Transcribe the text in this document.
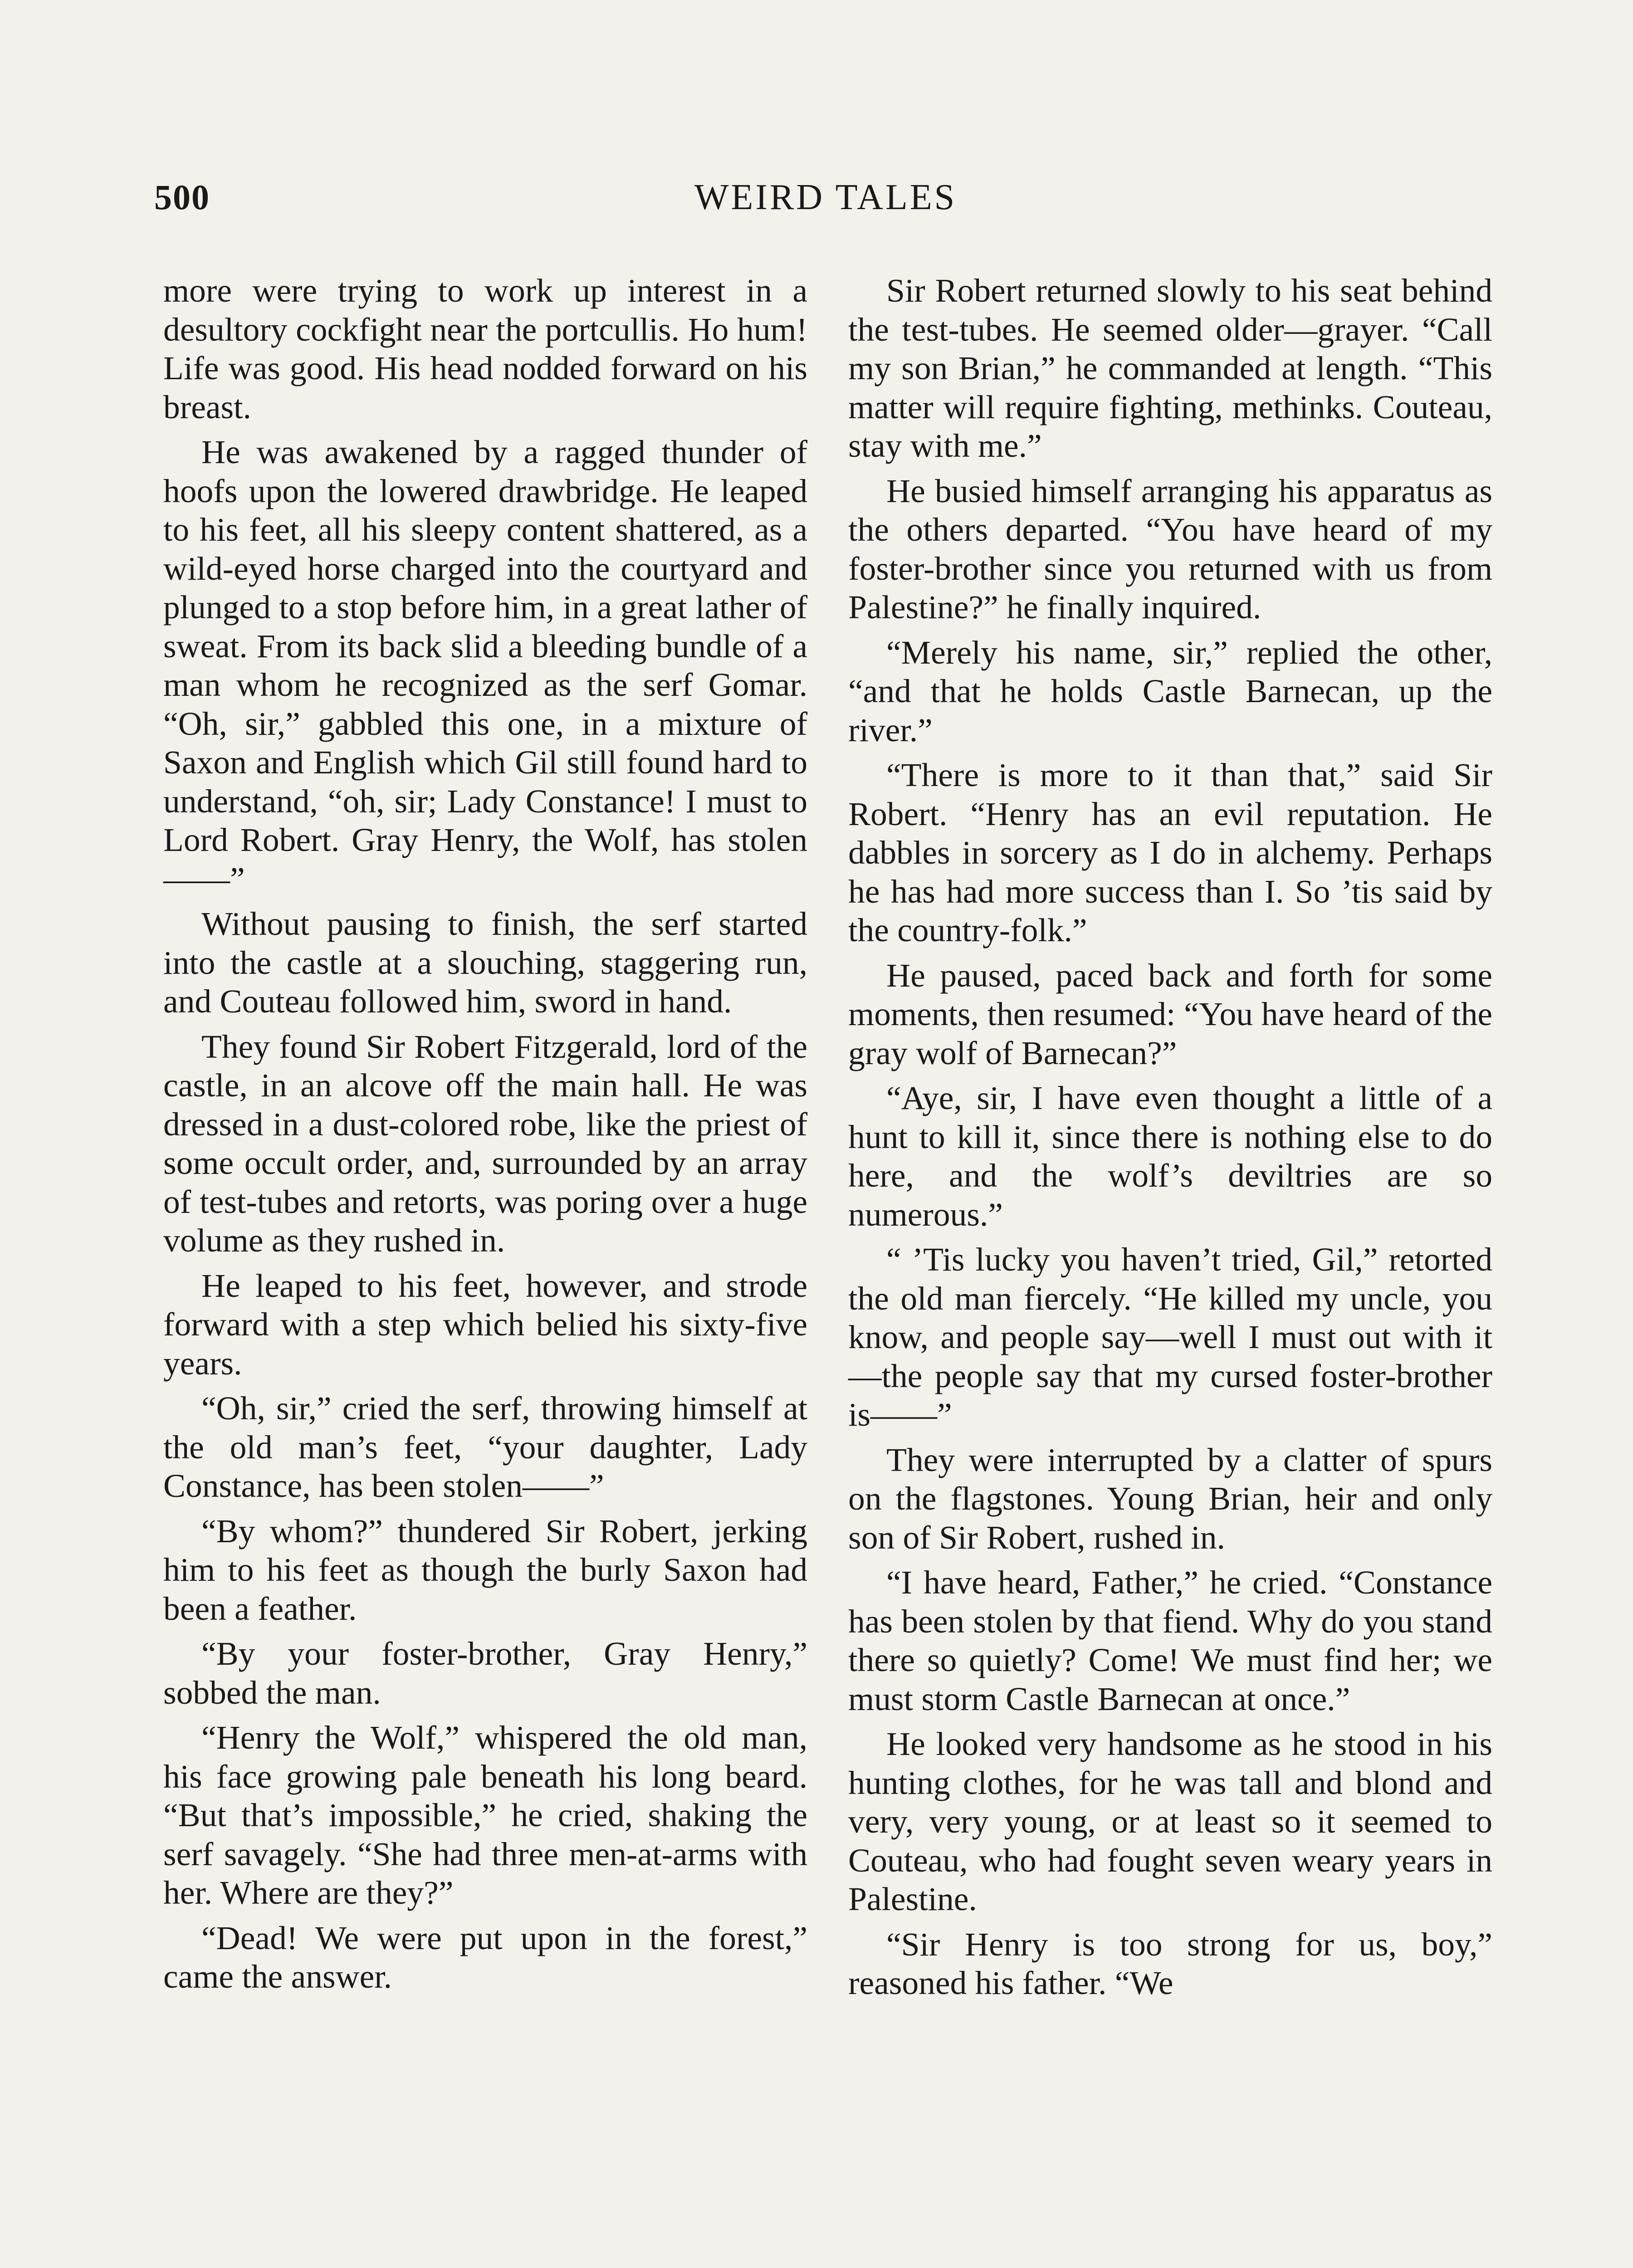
500	WEIRD TALES

more were trying to work up interest in a desultory cockfight near the portcullis. Ho hum! Life was good. His head nodded forward on his breast.

He was awakened by a ragged thunder of hoofs upon the lowered drawbridge. He leaped to his feet, all his sleepy content shattered, as a wild-eyed horse charged into the courtyard and plunged to a stop before him, in a great lather of sweat. From its back slid a bleeding bundle of a man whom he recognized as the serf Gomar. “Oh, sir,” gabbled this one, in a mixture of Saxon and English which Gil still found hard to understand, “oh, sir; Lady Constance! I must to Lord Robert. Gray Henry, the Wolf, has stolen——”

Without pausing to finish, the serf started into the castle at a slouching, staggering run, and Couteau followed him, sword in hand.

They found Sir Robert Fitzgerald, lord of the castle, in an alcove off the main hall. He was dressed in a dust-colored robe, like the priest of some occult order, and, surrounded by an array of test-tubes and retorts, was poring over a huge volume as they rushed in.

He leaped to his feet, however, and strode forward with a step which belied his sixty-five years.

“Oh, sir,” cried the serf, throwing himself at the old man’s feet, “your daughter, Lady Constance, has been stolen——”

“By whom?” thundered Sir Robert, jerking him to his feet as though the burly Saxon had been a feather.

“By your foster-brother, Gray Henry,” sobbed the man.

“Henry the Wolf,” whispered the old man, his face growing pale beneath his long beard. “But that’s impossible,” he cried, shaking the serf savagely. “She had three men-at-arms with her. Where are they?”

“Dead! We were put upon in the forest,” came the answer.

Sir Robert returned slowly to his seat behind the test-tubes. He seemed older—grayer. “Call my son Brian,” he commanded at length. “This matter will require fighting, methinks. Couteau, stay with me.”

He busied himself arranging his apparatus as the others departed. “You have heard of my foster-brother since you returned with us from Palestine?” he finally inquired.

“Merely his name, sir,” replied the other, “and that he holds Castle Barnecan, up the river.”

“There is more to it than that,” said Sir Robert. “Henry has an evil reputation. He dabbles in sorcery as I do in alchemy. Perhaps he has had more success than I. So ’tis said by the country-folk.”

He paused, paced back and forth for some moments, then resumed: “You have heard of the gray wolf of Barnecan?”

“Aye, sir, I have even thought a little of a hunt to kill it, since there is nothing else to do here, and the wolf’s deviltries are so numerous.”

“ ’Tis lucky you haven’t tried, Gil,” retorted the old man fiercely. “He killed my uncle, you know, and people say—well I must out with it—the people say that my cursed foster-brother is——”

They were interrupted by a clatter of spurs on the flagstones. Young Brian, heir and only son of Sir Robert, rushed in.

“I have heard, Father,” he cried. “Constance has been stolen by that fiend. Why do you stand there so quietly? Come! We must find her; we must storm Castle Barnecan at once.”

He looked very handsome as he stood in his hunting clothes, for he was tall and blond and very, very young, or at least so it seemed to Couteau, who had fought seven weary years in Palestine.

“Sir Henry is too strong for us, boy,” reasoned his father. “We
